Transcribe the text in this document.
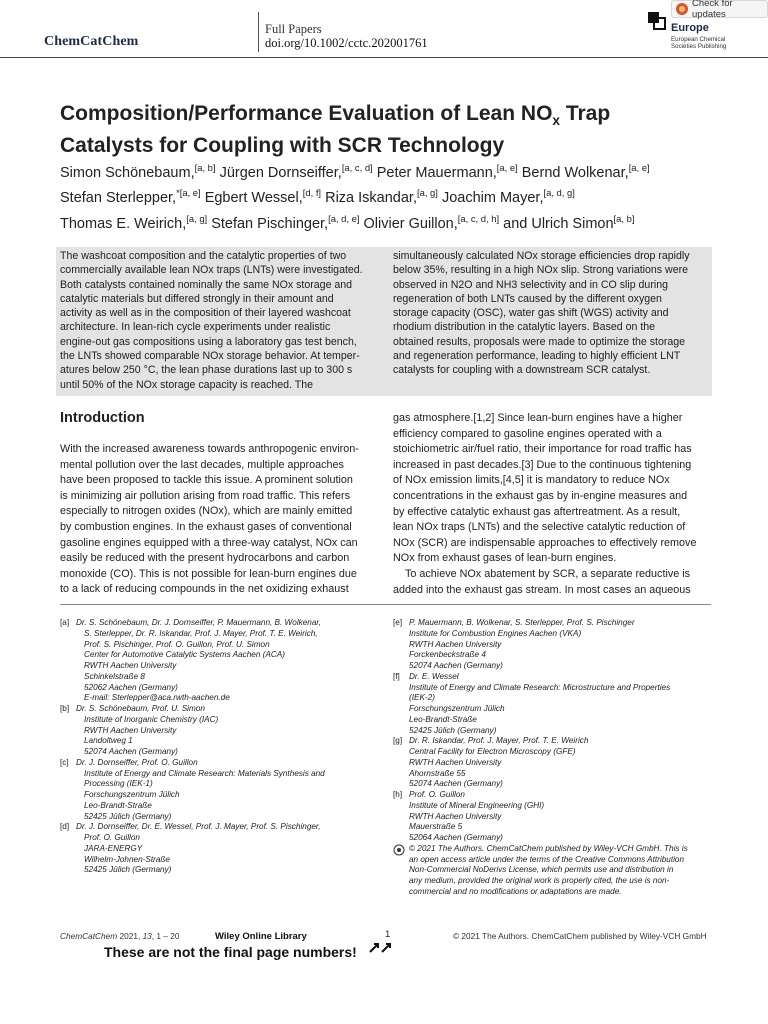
ChemCatChem
Full Papers
doi.org/10.1002/cctc.202001761
Europe
European Chemical
Societies Publishing
Check for updates
Composition/Performance Evaluation of Lean $NO_x$ Trap
Catalysts for Coupling with SCR Technology
Simon Schönebaum,[a, b] Jürgen Dornseiffer,[a, c, d] Peter Mauermann,[a, e] Bernd Wolkenar,[a, e]
Stefan Sterlepper,$^{*[a, e]}$ Egbert Wessel,[d, f] Riza Iskandar,[a, g] Joachim Mayer,[a, d, g]
Thomas E. Weirich,[a, g] Stefan Pischinger,[a, d, e] Olivier Guillon,[a, c, d, h] and Ulrich Simon[a, b]
The washcoat composition and the catalytic properties of two
commercially available lean NOx traps (LNTs) were investigated.
Both catalysts contained nominally the same NOx storage and
catalytic materials but differed strongly in their amount and
activity as well as in the composition of their layered washcoat
architecture. In lean-rich cycle experiments under realistic
engine-out gas compositions using a laboratory gas test bench,
the LNTs showed comparable NOx storage behavior. At temper-
atures below 250 °C, the lean phase durations last up to 300 s
until 50% of the NOx storage capacity is reached. The
simultaneously calculated NOx storage efficiencies drop rapidly
below 35%, resulting in a high NOx slip. Strong variations were
observed in N2O and NH3 selectivity and in CO slip during
regeneration of both LNTs caused by the different oxygen
storage capacity (OSC), water gas shift (WGS) activity and
rhodium distribution in the catalytic layers. Based on the
obtained results, proposals were made to optimize the storage
and regeneration performance, leading to highly efficient LNT
catalysts for coupling with a downstream SCR catalyst.
Introduction
With the increased awareness towards anthropogenic environ-
mental pollution over the last decades, multiple approaches
have been proposed to tackle this issue. A prominent solution
is minimizing air pollution arising from road traffic. This refers
especially to nitrogen oxides (NOx), which are mainly emitted
by combustion engines. In the exhaust gases of conventional
gasoline engines equipped with a three-way catalyst, NOx can
easily be reduced with the present hydrocarbons and carbon
monoxide (CO). This is not possible for lean-burn engines due
to a lack of reducing compounds in the net oxidizing exhaust
gas atmosphere.[1,2] Since lean-burn engines have a higher
efficiency compared to gasoline engines operated with a
stoichiometric air/fuel ratio, their importance for road traffic has
increased in past decades.[3] Due to the continuous tightening
of NOx emission limits,[4,5] it is mandatory to reduce NOx
concentrations in the exhaust gas by in-engine measures and
by effective catalytic exhaust gas aftertreatment. As a result,
lean NOx traps (LNTs) and the selective catalytic reduction of
NOx (SCR) are indispensable approaches to effectively remove
NOx from exhaust gases of lean-burn engines.
To achieve NOx abatement by SCR, a separate reductive is
added into the exhaust gas stream. In most cases an aqueous
[a] Dr. S. Schönebaum, Dr. J. Dornseiffer, P. Mauermann, B. Wolkenar,
S. Sterlepper, Dr. R. Iskandar, Prof. J. Mayer, Prof. T. E. Weirich,
Prof. S. Pischinger, Prof. O. Guillon, Prof. U. Simon
Center for Automotive Catalytic Systems Aachen (ACA)
RWTH Aachen University
Schinkelstraße 8
52062 Aachen (Germany)
E-mail: Sterlepper@aca.rwth-aachen.de
[b] Dr. S. Schönebaum, Prof. U. Simon
Institute of Inorganic Chemistry (IAC)
RWTH Aachen University
Landoltweg 1
52074 Aachen (Germany)
[c] Dr. J. Dornseiffer, Prof. O. Guillon
Institute of Energy and Climate Research: Materials Synthesis and
Processing (IEK-1)
Forschungszentrum Jülich
Leo-Brandt-Straße
52425 Jülich (Germany)
[d] Dr. J. Dornseiffer, Dr. E. Wessel, Prof. J. Mayer, Prof. S. Pischinger,
Prof. O. Guillon
JARA-ENERGY
Wilhelm-Johnen-Straße
52425 Jülich (Germany)
[e] P. Mauermann, B. Wolkenar, S. Sterlepper, Prof. S. Pischinger
Institute for Combustion Engines Aachen (VKA)
RWTH Aachen University
Forckenbeckstraße 4
52074 Aachen (Germany)
[f]	Dr. E. Wessel
Institute of Energy and Climate Research: Microstructure and Properties
(IEK-2)
Forschungszentrum Jülich
Leo-Brandt-Straße
52425 Jülich (Germany)
[g] Dr. R. Iskandar, Prof. J. Mayer, Prof. T. E. Weirich
Central Facility for Electron Microscopy (GFE)
RWTH Aachen University
Ahornstraße 55
52074 Aachen (Germany)
[h] Prof. O. Guillon
Institute of Mineral Engineering (GHI)
RWTH Aachen University
Mauerstraße 5
52064 Aachen (Germany)
© 2021 The Authors. ChemCatChem published by Wiley-VCH GmbH. This is
an open access article under the terms of the Creative Commons Attribution
Non-Commercial NoDerivs License, which permits use and distribution in
any medium, provided the original work is properly cited, the use is non-
commercial and no modifications or adaptations are made.
ChemCatChem 2021, 13, 1 – 20	Wiley Online Library	1	© 2021 The Authors. ChemCatChem published by Wiley-VCH GmbH
These are not the final page numbers!
